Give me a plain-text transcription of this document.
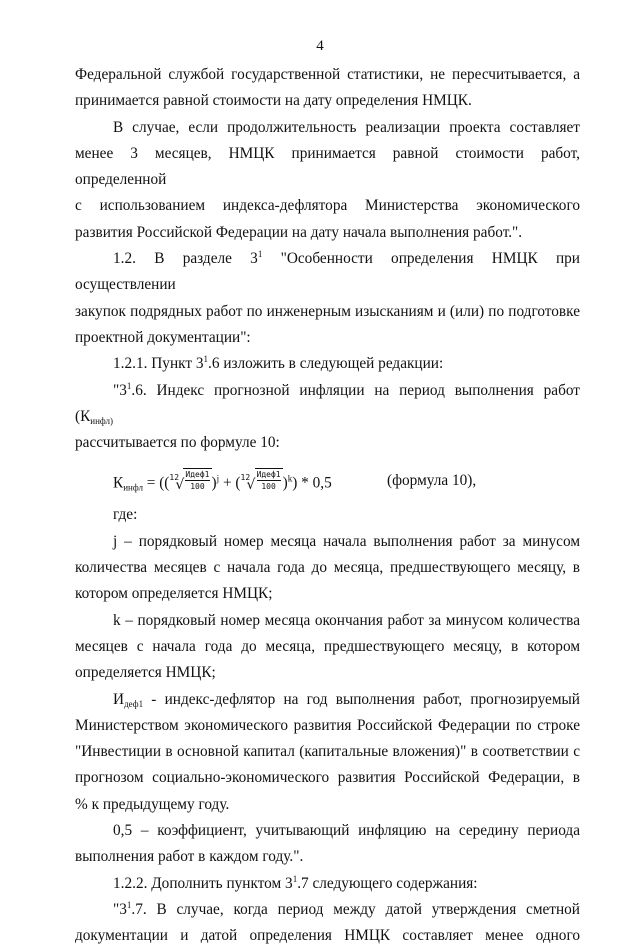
4

Федеральной службой государственной статистики, не пересчитывается, а

принимается равной стоимости на дату определения НМЦК.

В случае, если продолжительность реализации проекта составляет

менее 3 месяцев, НМЦК принимается равной стоимости работ, определенной

с использованием индекса-дефлятора Министерства экономического

развития Российской Федерации на дату начала выполнения работ.".

1.2. В разделе $3^1$ "Особенности определения НМЦК при осуществлении

закупок подрядных работ по инженерным изысканиям и (или) по подготовке

проектной документации":

1.2.1. Пункт $3^1.6$ изложить в следующей редакции:

"$3^1.6$. Индекс прогнозной инфляции на период выполнения работ ($К_{инфл)}$

рассчитывается по формуле 10:

$К_{инфл}$ = (( 12
√ $\frac{\text{Идеф1}}{100} )^j$ + ( 12
√ $\frac{\text{Идеф1}}{100} )^k) * 0,5$	(формула 10),

где:

j – порядковый номер месяца начала выполнения работ за минусом

количества месяцев с начала года до месяца, предшествующего месяцу, в

котором определяется НМЦК;

k – порядковый номер месяца окончания работ за минусом количества

месяцев с начала года до месяца, предшествующего месяцу, в котором

определяется НМЦК;

$И_{деф1}$ - индекс-дефлятор на год выполнения работ, прогнозируемый

Министерством экономического развития Российской Федерации по строке

"Инвестиции в основной капитал (капитальные вложения)" в соответствии с

прогнозом социально-экономического развития Российской Федерации, в

% к предыдущему году.

0,5 – коэффициент, учитывающий инфляцию на середину периода

выполнения работ в каждом году.".

1.2.2. Дополнить пунктом $3^1.7$ следующего содержания:

"$3^1.7$. В случае, когда период между датой утверждения сметной

документации и датой определения НМЦК составляет менее одного
